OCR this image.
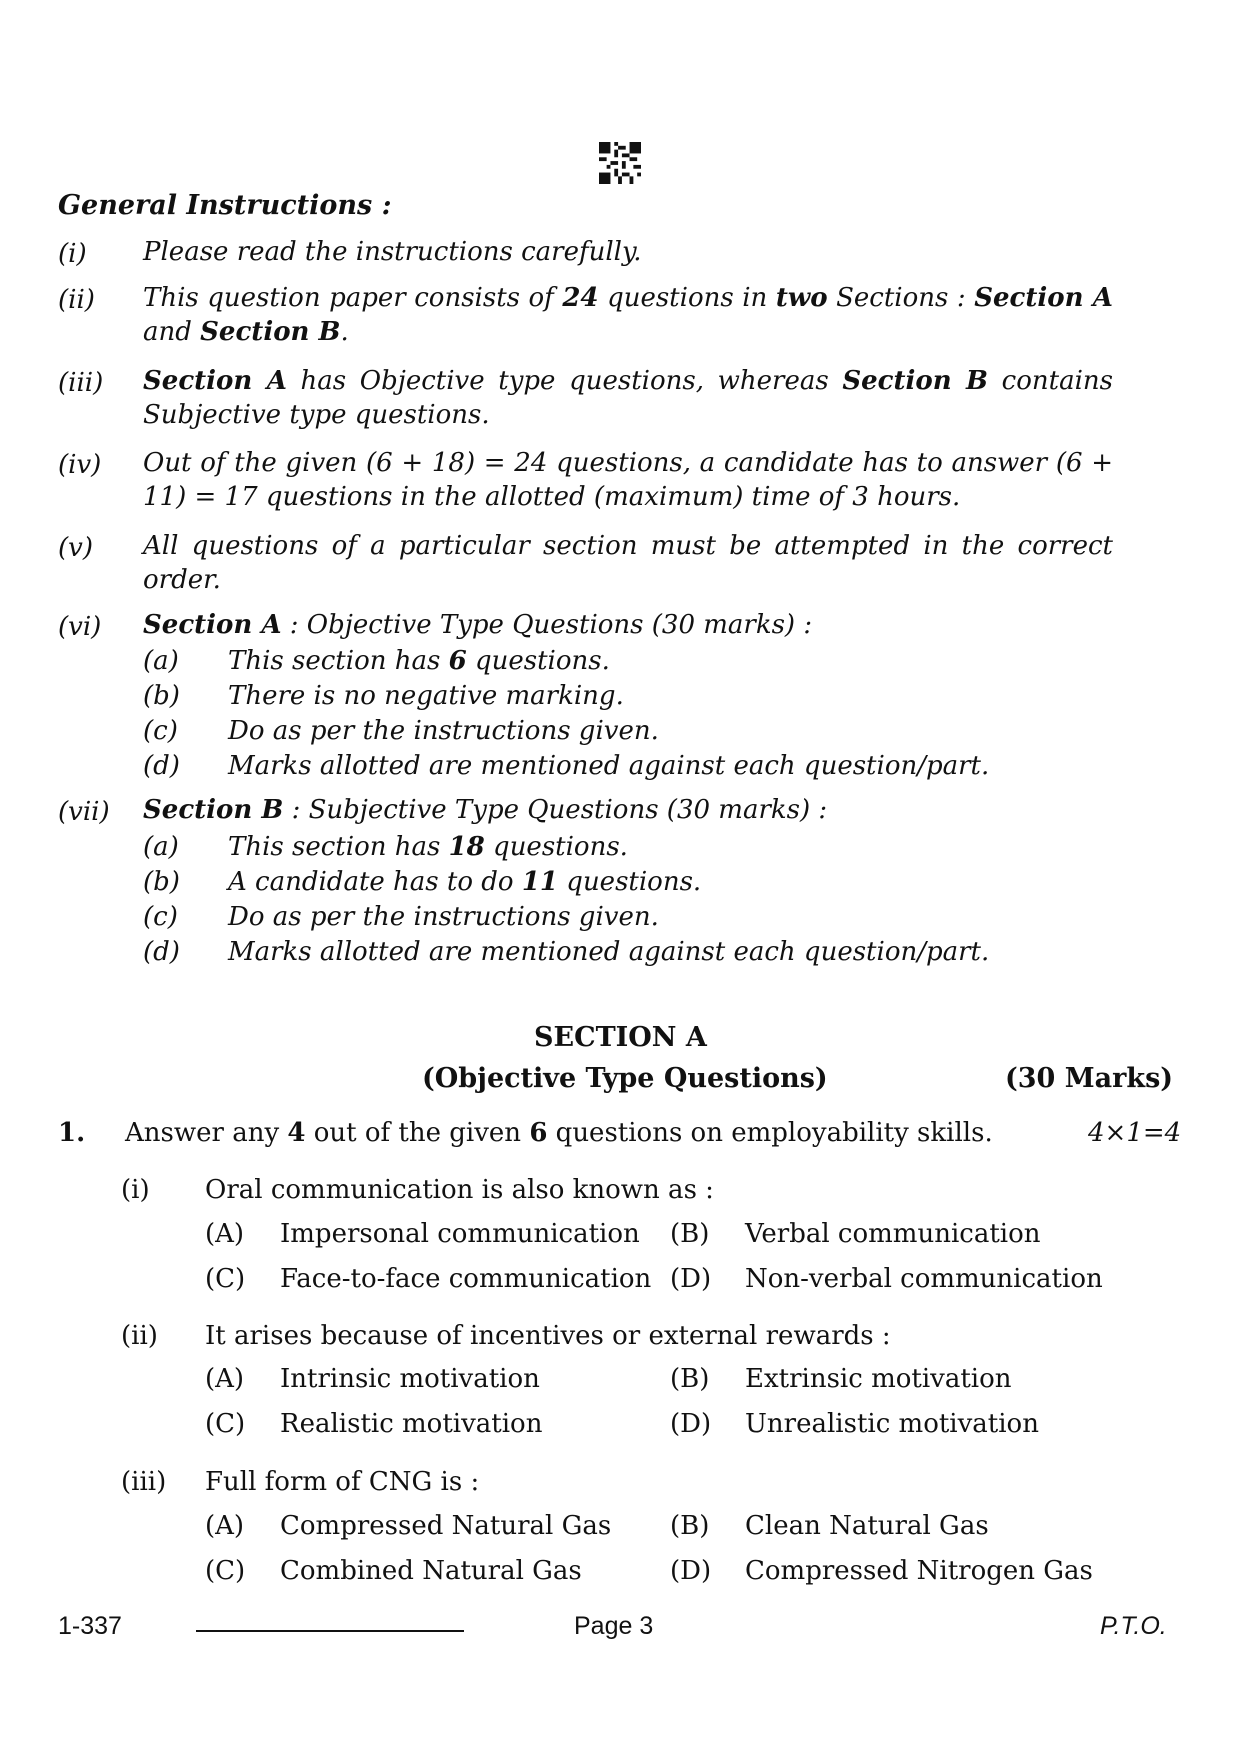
General Instructions :
(i) Please read the instructions carefully.
(ii) This question paper consists of 24 questions in two Sections : Section A and Section B.
(iii) Section A has Objective type questions, whereas Section B contains Subjective type questions.
(iv) Out of the given (6 + 18) = 24 questions, a candidate has to answer (6 + 11) = 17 questions in the allotted (maximum) time of 3 hours.
(v) All questions of a particular section must be attempted in the correct order.
(vi) Section A : Objective Type Questions (30 marks) :
(a) This section has 6 questions.
(b) There is no negative marking.
(c) Do as per the instructions given.
(d) Marks allotted are mentioned against each question/part.
(vii) Section B : Subjective Type Questions (30 marks) :
(a) This section has 18 questions.
(b) A candidate has to do 11 questions.
(c) Do as per the instructions given.
(d) Marks allotted are mentioned against each question/part.
SECTION A
(Objective Type Questions)	(30 Marks)
1. Answer any 4 out of the given 6 questions on employability skills.	4×1=4
(i) Oral communication is also known as :
(A) Impersonal communication (B) Verbal communication
(C) Face-to-face communication (D) Non-verbal communication
(ii) It arises because of incentives or external rewards :
(A) Intrinsic motivation	(B) Extrinsic motivation
(C) Realistic motivation	(D) Unrealistic motivation
(iii) Full form of CNG is :
(A) Compressed Natural Gas (B) Clean Natural Gas
(C) Combined Natural Gas	(D) Compressed Nitrogen Gas
1-337	Page 3	P.T.O.
